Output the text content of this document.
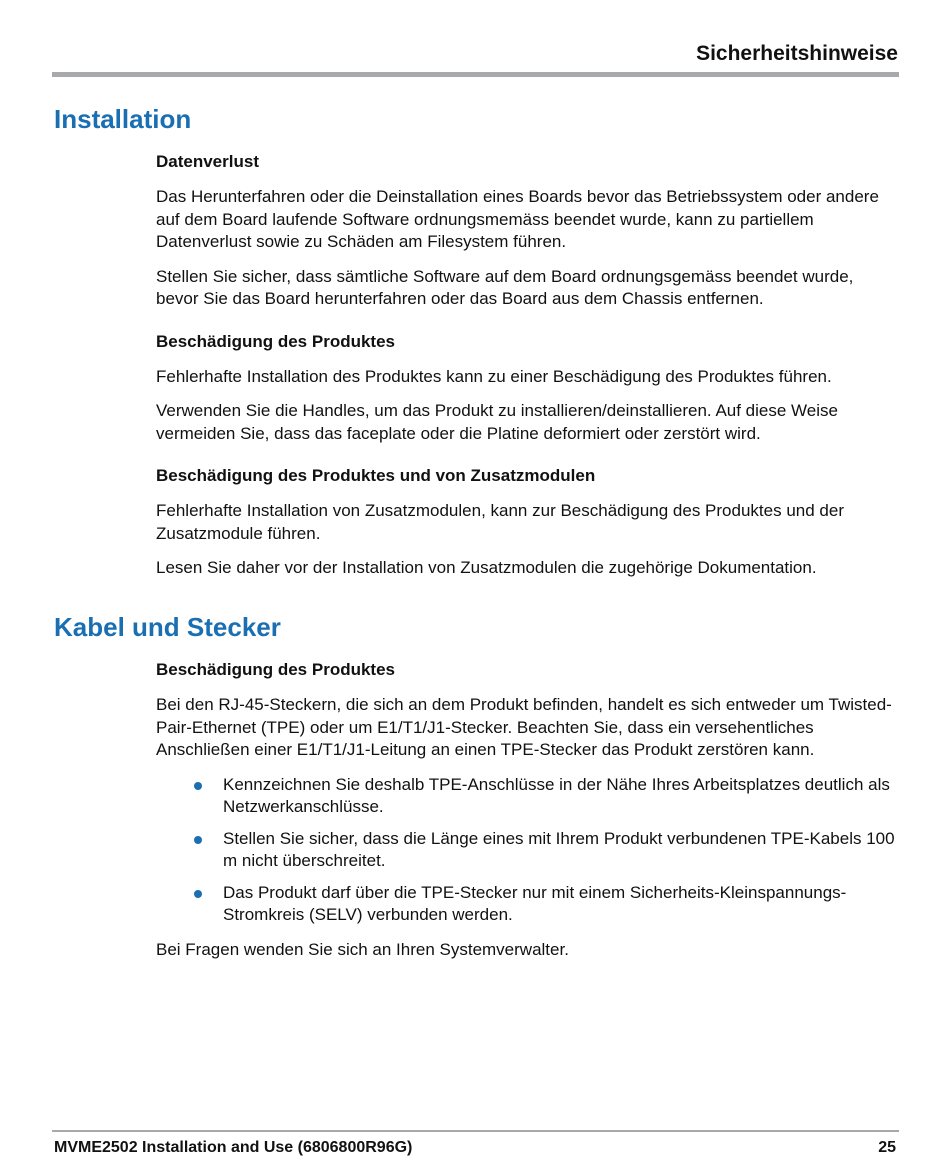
Sicherheitshinweise
Installation
Datenverlust

Das Herunterfahren oder die Deinstallation eines Boards bevor das Betriebssystem oder andere auf dem Board laufende Software ordnungsmemäss beendet wurde, kann zu partiellem Datenverlust sowie zu Schäden am Filesystem führen.

Stellen Sie sicher, dass sämtliche Software auf dem Board ordnungsgemäss beendet wurde, bevor Sie das Board herunterfahren oder das Board aus dem Chassis entfernen.

Beschädigung des Produktes

Fehlerhafte Installation des Produktes kann zu einer Beschädigung des Produktes führen.

Verwenden Sie die Handles, um das Produkt zu installieren/deinstallieren. Auf diese Weise vermeiden Sie, dass das faceplate oder die Platine deformiert oder zerstört wird.

Beschädigung des Produktes und von Zusatzmodulen

Fehlerhafte Installation von Zusatzmodulen, kann zur Beschädigung des Produktes und der Zusatzmodule führen.

Lesen Sie daher vor der Installation von Zusatzmodulen die zugehörige Dokumentation.

Kabel und Stecker
Beschädigung des Produktes

Bei den RJ-45-Steckern, die sich an dem Produkt befinden, handelt es sich entweder um Twisted-Pair-Ethernet (TPE) oder um E1/T1/J1-Stecker. Beachten Sie, dass ein versehentliches Anschließen einer E1/T1/J1-Leitung an einen TPE-Stecker das Produkt zerstören kann.

Kennzeichnen Sie deshalb TPE-Anschlüsse in der Nähe Ihres Arbeitsplatzes deutlich als Netzwerkanschlüsse.
Stellen Sie sicher, dass die Länge eines mit Ihrem Produkt verbundenen TPE-Kabels 100 m nicht überschreitet.
Das Produkt darf über die TPE-Stecker nur mit einem Sicherheits-Kleinspannungs-Stromkreis (SELV) verbunden werden.

Bei Fragen wenden Sie sich an Ihren Systemverwalter.

MVME2502 Installation and Use (6806800R96G)	25
